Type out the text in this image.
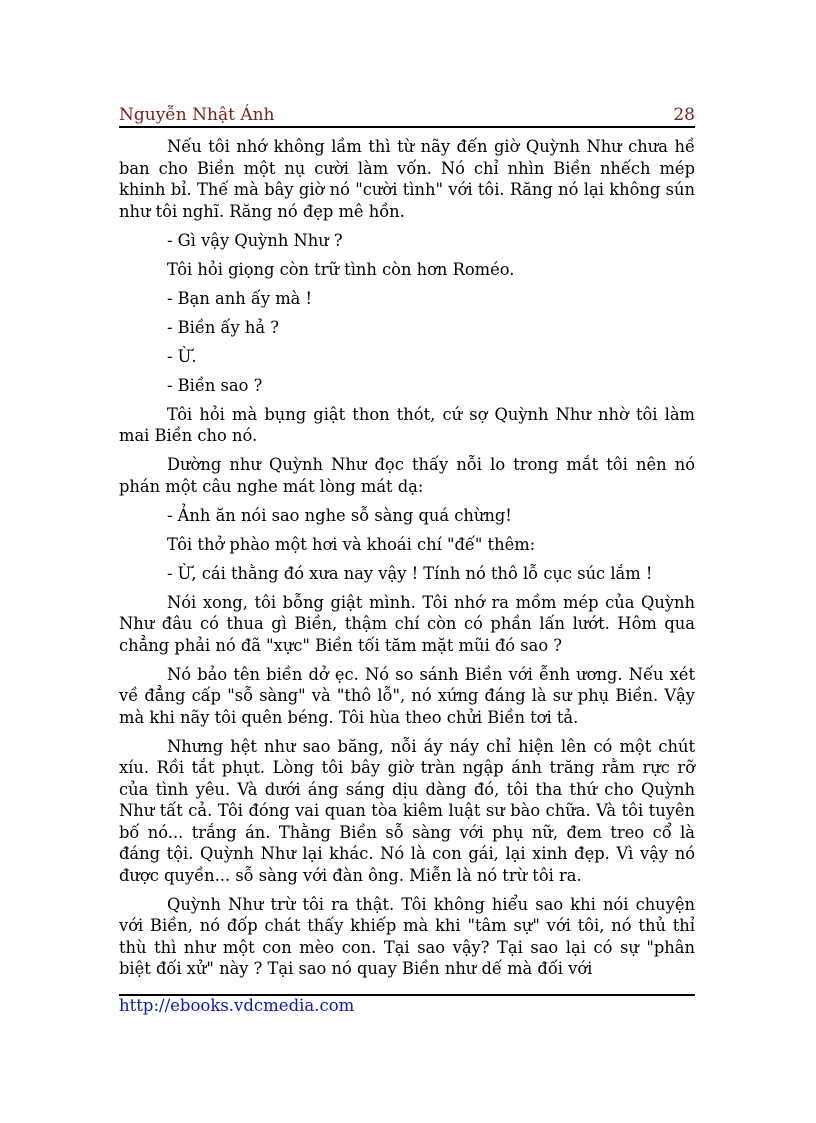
Nguyễn Nhật Ánh	28

Nếu tôi nhớ không lầm thì từ nãy đến giờ Quỳnh Như chưa hề ban cho Biền một nụ cười làm vốn. Nó chỉ nhìn Biền nhếch mép khinh bỉ. Thế mà bây giờ nó "cười tình" với tôi. Răng nó lại không sún như tôi nghĩ. Răng nó đẹp mê hồn.

- Gì vậy Quỳnh Như ?

Tôi hỏi giọng còn trữ tình còn hơn Roméo.

- Bạn anh ấy mà !

- Biền ấy hả ?

- Ừ.

- Biền sao ?

Tôi hỏi mà bụng giật thon thót, cứ sợ Quỳnh Như nhờ tôi làm mai Biền cho nó.

Dường như Quỳnh Như đọc thấy nỗi lo trong mắt tôi nên nó phán một câu nghe mát lòng mát dạ:

- Ảnh ăn nói sao nghe sỗ sàng quá chừng!

Tôi thở phào một hơi và khoái chí "đế" thêm:

- Ừ, cái thằng đó xưa nay vậy ! Tính nó thô lỗ cục súc lắm !

Nói xong, tôi bỗng giật mình. Tôi nhớ ra mồm mép của Quỳnh Như đâu có thua gì Biền, thậm chí còn có phần lấn lướt. Hôm qua chẳng phải nó đã "xực" Biền tối tăm mặt mũi đó sao ?

Nó bảo tên biền dở ẹc. Nó so sánh Biền với ễnh ương. Nếu xét về đẳng cấp "sỗ sàng" và "thô lỗ", nó xứng đáng là sư phụ Biền. Vậy mà khi nãy tôi quên béng. Tôi hùa theo chửi Biền tơi tả.

Nhưng hệt như sao băng, nỗi áy náy chỉ hiện lên có một chút xíu. Rồi tắt phụt. Lòng tôi bây giờ tràn ngập ánh trăng rằm rực rỡ của tình yêu. Và dưới áng sáng dịu dàng đó, tôi tha thứ cho Quỳnh Như tất cả. Tôi đóng vai quan tòa kiêm luật sư bào chữa. Và tôi tuyên bố nó... trắng án. Thằng Biền sỗ sàng với phụ nữ, đem treo cổ là đáng tội. Quỳnh Như lại khác. Nó là con gái, lại xinh đẹp. Vì vậy nó được quyền... sỗ sàng với đàn ông. Miễn là nó trừ tôi ra.

Quỳnh Như trừ tôi ra thật. Tôi không hiểu sao khi nói chuyện với Biền, nó đốp chát thấy khiếp mà khi "tâm sự" với tôi, nó thủ thỉ thù thì như một con mèo con. Tại sao vậy? Tại sao lại có sự "phân biệt đối xử" này ? Tại sao nó quay Biền như dế mà đối với

http://ebooks.vdcmedia.com
